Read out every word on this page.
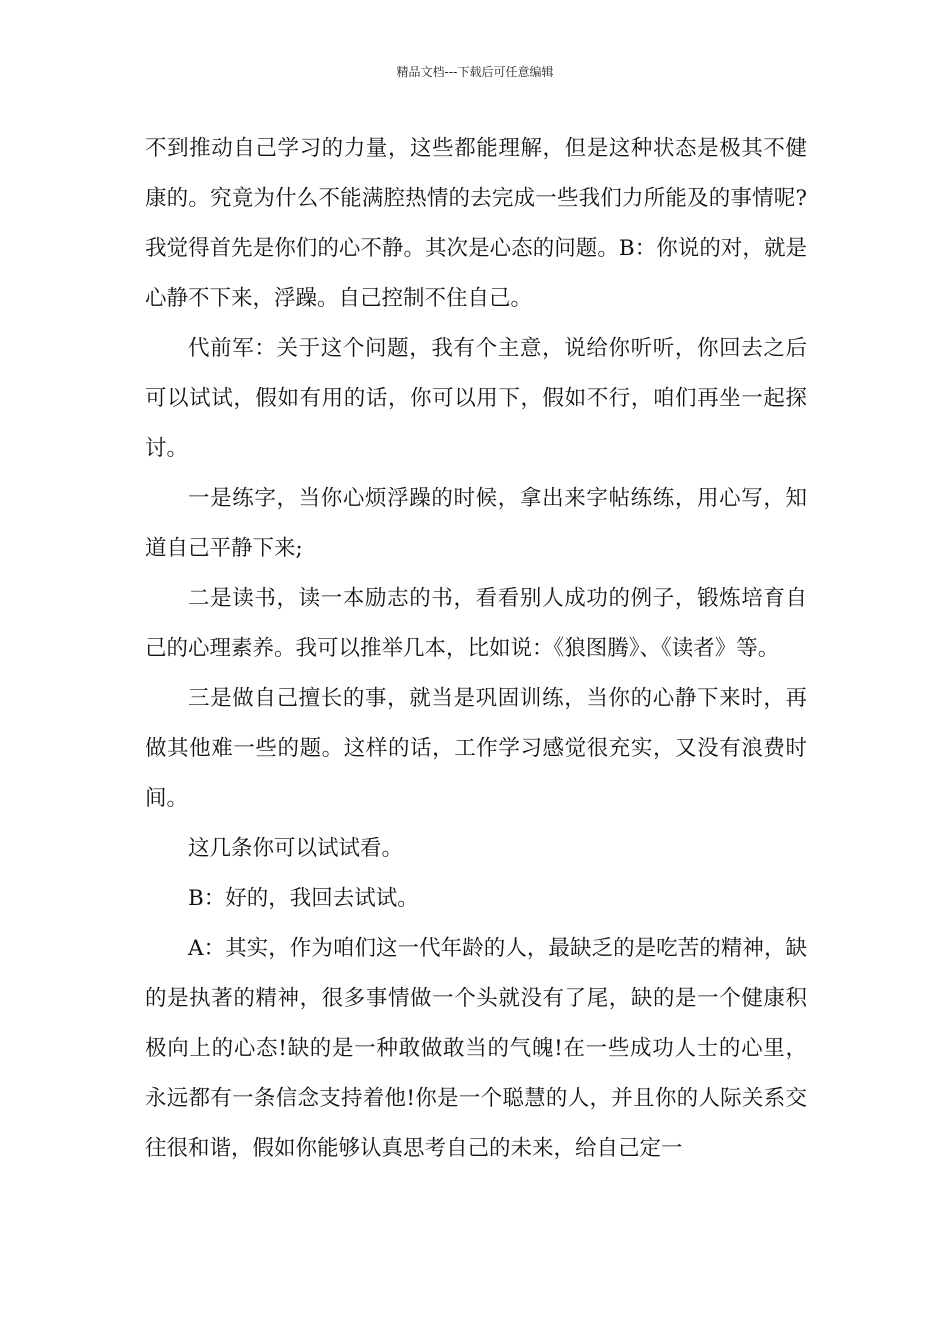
精品文档---下载后可任意编辑

不到推动自己学习的力量，这些都能理解，但是这种状态是极其不健康的。究竟为什么不能满腔热情的去完成一些我们力所能及的事情呢?我觉得首先是你们的心不静。其次是心态的问题。B：你说的对，就是心静不下来，浮躁。自己控制不住自己。

代前军：关于这个问题，我有个主意，说给你听听，你回去之后可以试试，假如有用的话，你可以用下，假如不行，咱们再坐一起探讨。

一是练字，当你心烦浮躁的时候，拿出来字帖练练，用心写，知道自己平静下来;

二是读书，读一本励志的书，看看别人成功的例子，锻炼培育自己的心理素养。我可以推举几本，比如说：《狼图腾》、《读者》等。

三是做自己擅长的事，就当是巩固训练，当你的心静下来时，再做其他难一些的题。这样的话，工作学习感觉很充实，又没有浪费时间。

这几条你可以试试看。

B：好的，我回去试试。

A：其实，作为咱们这一代年龄的人，最缺乏的是吃苦的精神，缺的是执著的精神，很多事情做一个头就没有了尾，缺的是一个健康积极向上的心态!缺的是一种敢做敢当的气魄!在一些成功人士的心里，永远都有一条信念支持着他!你是一个聪慧的人，并且你的人际关系交往很和谐，假如你能够认真思考自己的未来，给自己定一
